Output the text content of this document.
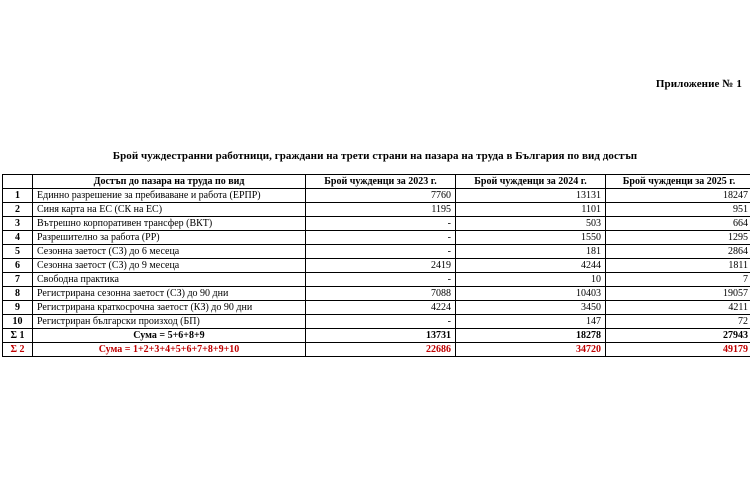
Приложение № 1
Брой чуждестранни работници, граждани на трети страни на пазара на труда в България по вид достъп
	Достъп до пазара на труда по вид	Брой чужденци за 2023 г.	Брой чужденци за 2024 г.	Брой чужденци за 2025 г.
1	Единно разрешение за пребиваване и работа (ЕРПР)	7760	13131	18247
2	Синя карта на ЕС (СК на ЕС)	1195	1101	951
3	Вътрешно корпоративен трансфер (ВКТ)	-	503	664
4	Разрешително за работа (РР)	-	1550	1295
5	Сезонна заетост (СЗ) до 6 месеца	-	181	2864
6	Сезонна заетост (СЗ) до 9 месеца	2419	4244	1811
7	Свободна практика	-	10	7
8	Регистрирана сезонна заетост (СЗ) до 90 дни	7088	10403	19057
9	Регистрирана краткосрочна заетост (КЗ) до 90 дни	4224	3450	4211
10	Регистриран български произход (БП)	-	147	72
Σ 1	Сума = 5+6+8+9	13731	18278	27943
Σ 2	Сума = 1+2+3+4+5+6+7+8+9+10	22686	34720	49179
